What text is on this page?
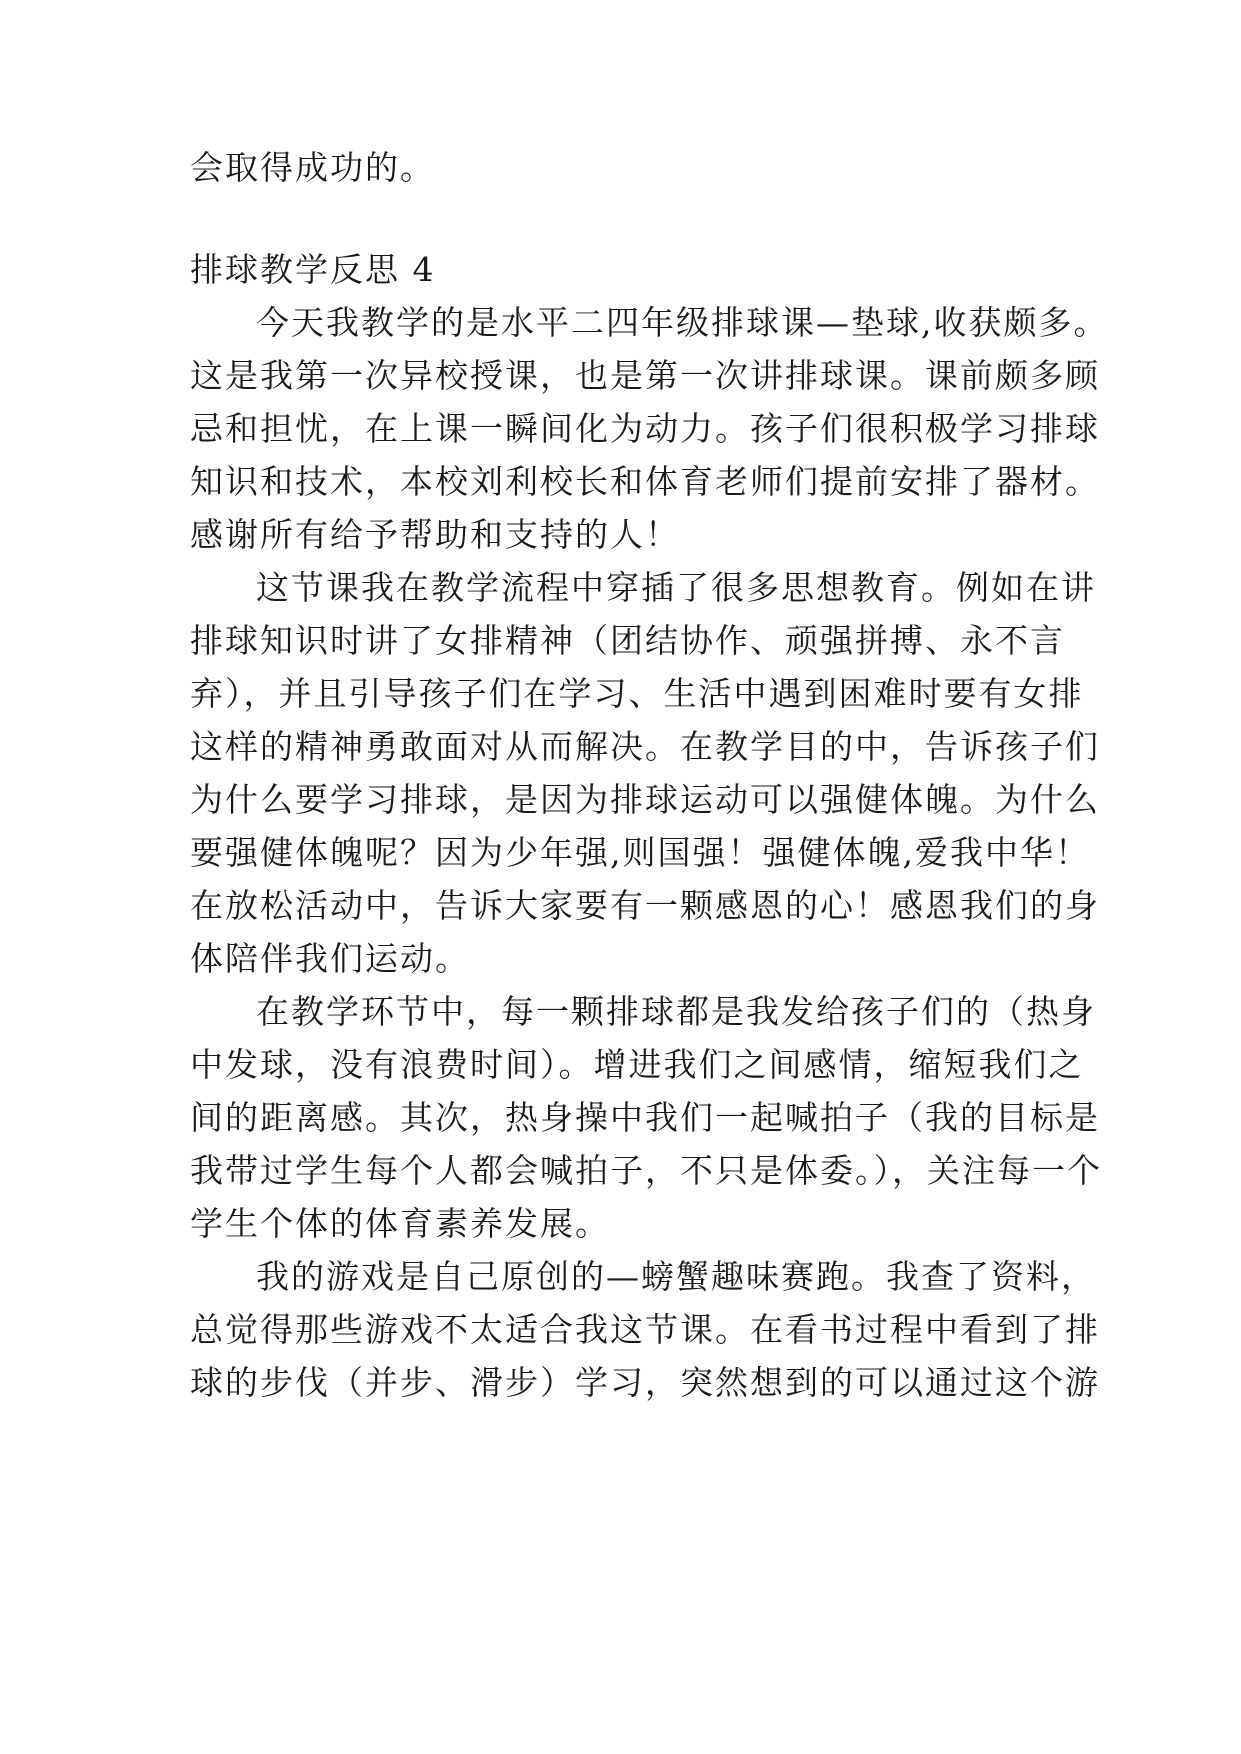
会取得成功的。
排球教学反思 4
今天我教学的是水平二四年级排球课—垫球,收获颇多。
这是我第一次异校授课，也是第一次讲排球课。课前颇多顾
忌和担忧，在上课一瞬间化为动力。孩子们很积极学习排球
知识和技术，本校刘利校长和体育老师们提前安排了器材。
感谢所有给予帮助和支持的人！
这节课我在教学流程中穿插了很多思想教育。例如在讲
排球知识时讲了女排精神（团结协作、顽强拼搏、永不言
弃），并且引导孩子们在学习、生活中遇到困难时要有女排
这样的精神勇敢面对从而解决。在教学目的中，告诉孩子们
为什么要学习排球，是因为排球运动可以强健体魄。为什么
要强健体魄呢？因为少年强,则国强！强健体魄,爱我中华！
在放松活动中，告诉大家要有一颗感恩的心！感恩我们的身
体陪伴我们运动。
在教学环节中，每一颗排球都是我发给孩子们的（热身
中发球，没有浪费时间）。增进我们之间感情，缩短我们之
间的距离感。其次，热身操中我们一起喊拍子（我的目标是
我带过学生每个人都会喊拍子，不只是体委。），关注每一个
学生个体的体育素养发展。
我的游戏是自己原创的—螃蟹趣味赛跑。我查了资料，
总觉得那些游戏不太适合我这节课。在看书过程中看到了排
球的步伐（并步、滑步）学习，突然想到的可以通过这个游
